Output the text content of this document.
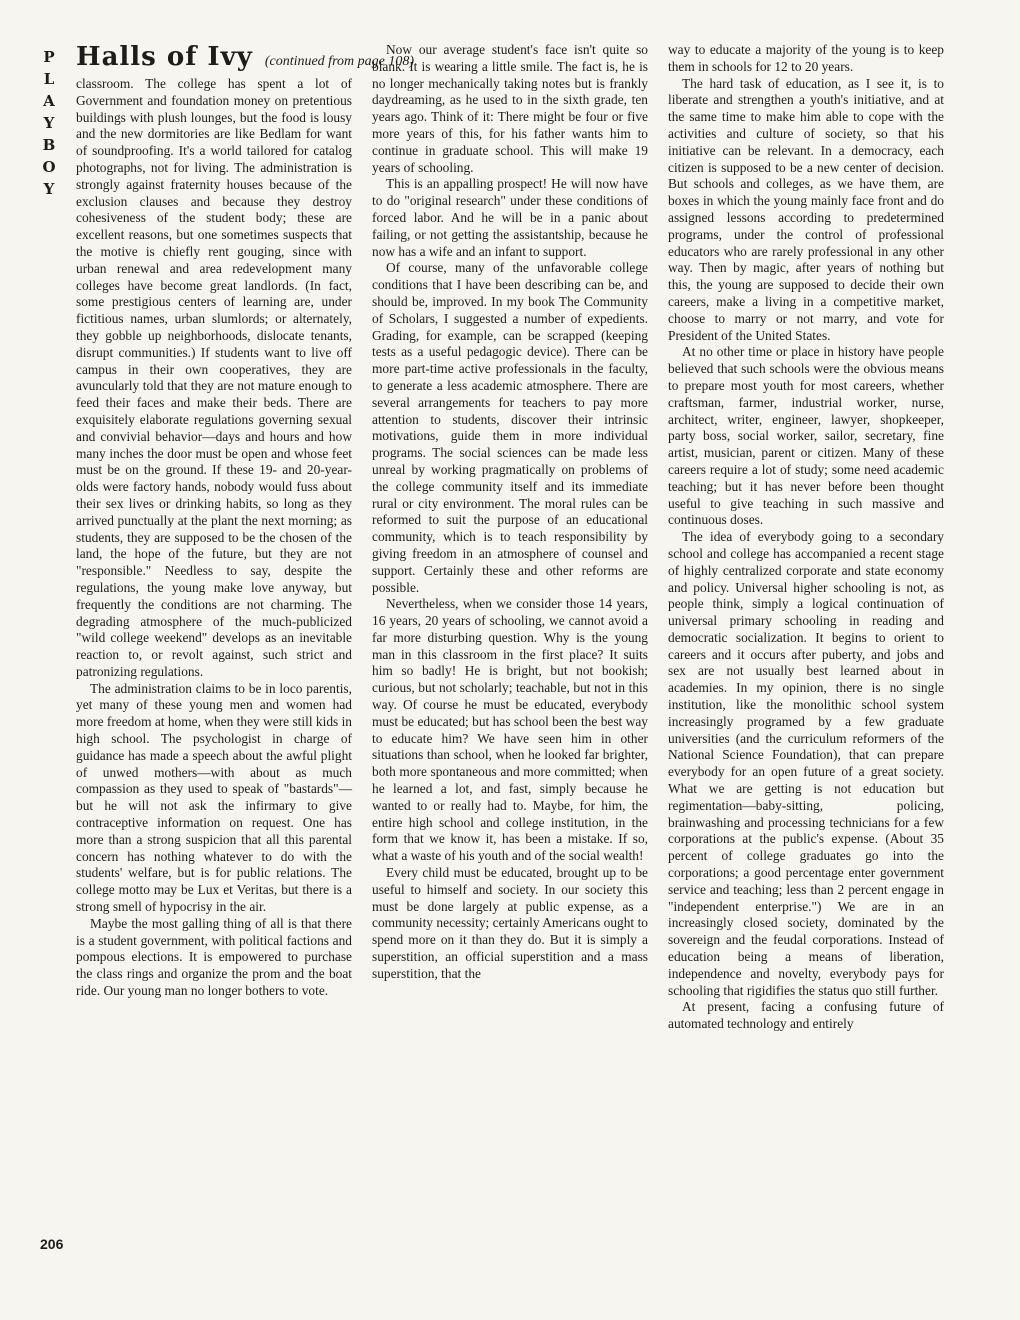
P
L
A
Y
B
O
Y
Halls of Ivy (continued from page 108)

classroom. The college has spent a lot of Government and foundation money on pretentious buildings with plush lounges, but the food is lousy and the new dormitories are like Bedlam for want of soundproofing. It's a world tailored for catalog photographs, not for living. The administration is strongly against fraternity houses because of the exclusion clauses and because they destroy cohesiveness of the student body; these are excellent reasons, but one sometimes suspects that the motive is chiefly rent gouging, since with urban renewal and area redevelopment many colleges have become great landlords. (In fact, some prestigious centers of learning are, under fictitious names, urban slumlords; or alternately, they gobble up neighborhoods, dislocate tenants, disrupt communities.) If students want to live off campus in their own cooperatives, they are avuncularly told that they are not mature enough to feed their faces and make their beds. There are exquisitely elaborate regulations governing sexual and convivial behavior—days and hours and how many inches the door must be open and whose feet must be on the ground. If these 19- and 20-year-olds were factory hands, nobody would fuss about their sex lives or drinking habits, so long as they arrived punctually at the plant the next morning; as students, they are supposed to be the chosen of the land, the hope of the future, but they are not "responsible." Needless to say, despite the regulations, the young make love anyway, but frequently the conditions are not charming. The degrading atmosphere of the much-publicized "wild college weekend" develops as an inevitable reaction to, or revolt against, such strict and patronizing regulations.

The administration claims to be in loco parentis, yet many of these young men and women had more freedom at home, when they were still kids in high school. The psychologist in charge of guidance has made a speech about the awful plight of unwed mothers—with about as much compassion as they used to speak of "bastards"—but he will not ask the infirmary to give contraceptive information on request. One has more than a strong suspicion that all this parental concern has nothing whatever to do with the students' welfare, but is for public relations. The college motto may be Lux et Veritas, but there is a strong smell of hypocrisy in the air.

Maybe the most galling thing of all is that there is a student government, with political factions and pompous elections. It is empowered to purchase the class rings and organize the prom and the boat ride. Our young man no longer bothers to vote.

Now our average student's face isn't quite so blank. It is wearing a little smile. The fact is, he is no longer mechanically taking notes but is frankly daydreaming, as he used to in the sixth grade, ten years ago. Think of it: There might be four or five more years of this, for his father wants him to continue in graduate school. This will make 19 years of schooling.

This is an appalling prospect! He will now have to do "original research" under these conditions of forced labor. And he will be in a panic about failing, or not getting the assistantship, because he now has a wife and an infant to support.

Of course, many of the unfavorable college conditions that I have been describing can be, and should be, improved. In my book The Community of Scholars, I suggested a number of expedients. Grading, for example, can be scrapped (keeping tests as a useful pedagogic device). There can be more part-time active professionals in the faculty, to generate a less academic atmosphere. There are several arrangements for teachers to pay more attention to students, discover their intrinsic motivations, guide them in more individual programs. The social sciences can be made less unreal by working pragmatically on problems of the college community itself and its immediate rural or city environment. The moral rules can be reformed to suit the purpose of an educational community, which is to teach responsibility by giving freedom in an atmosphere of counsel and support. Certainly these and other reforms are possible.

Nevertheless, when we consider those 14 years, 16 years, 20 years of schooling, we cannot avoid a far more disturbing question. Why is the young man in this classroom in the first place? It suits him so badly! He is bright, but not bookish; curious, but not scholarly; teachable, but not in this way. Of course he must be educated, everybody must be educated; but has school been the best way to educate him? We have seen him in other situations than school, when he looked far brighter, both more spontaneous and more committed; when he learned a lot, and fast, simply because he wanted to or really had to. Maybe, for him, the entire high school and college institution, in the form that we know it, has been a mistake. If so, what a waste of his youth and of the social wealth!

Every child must be educated, brought up to be useful to himself and society. In our society this must be done largely at public expense, as a community necessity; certainly Americans ought to spend more on it than they do. But it is simply a superstition, an official superstition and a mass superstition, that the

way to educate a majority of the young is to keep them in schools for 12 to 20 years.

The hard task of education, as I see it, is to liberate and strengthen a youth's initiative, and at the same time to make him able to cope with the activities and culture of society, so that his initiative can be relevant. In a democracy, each citizen is supposed to be a new center of decision. But schools and colleges, as we have them, are boxes in which the young mainly face front and do assigned lessons according to predetermined programs, under the control of professional educators who are rarely professional in any other way. Then by magic, after years of nothing but this, the young are supposed to decide their own careers, make a living in a competitive market, choose to marry or not marry, and vote for President of the United States.

At no other time or place in history have people believed that such schools were the obvious means to prepare most youth for most careers, whether craftsman, farmer, industrial worker, nurse, architect, writer, engineer, lawyer, shopkeeper, party boss, social worker, sailor, secretary, fine artist, musician, parent or citizen. Many of these careers require a lot of study; some need academic teaching; but it has never before been thought useful to give teaching in such massive and continuous doses.

The idea of everybody going to a secondary school and college has accompanied a recent stage of highly centralized corporate and state economy and policy. Universal higher schooling is not, as people think, simply a logical continuation of universal primary schooling in reading and democratic socialization. It begins to orient to careers and it occurs after puberty, and jobs and sex are not usually best learned about in academies. In my opinion, there is no single institution, like the monolithic school system increasingly programed by a few graduate universities (and the curriculum reformers of the National Science Foundation), that can prepare everybody for an open future of a great society. What we are getting is not education but regimentation—baby-sitting, policing, brainwashing and processing technicians for a few corporations at the public's expense. (About 35 percent of college graduates go into the corporations; a good percentage enter government service and teaching; less than 2 percent engage in "independent enterprise.") We are in an increasingly closed society, dominated by the sovereign and the feudal corporations. Instead of education being a means of liberation, independence and novelty, everybody pays for schooling that rigidifies the status quo still further.

At present, facing a confusing future of automated technology and entirely

206
